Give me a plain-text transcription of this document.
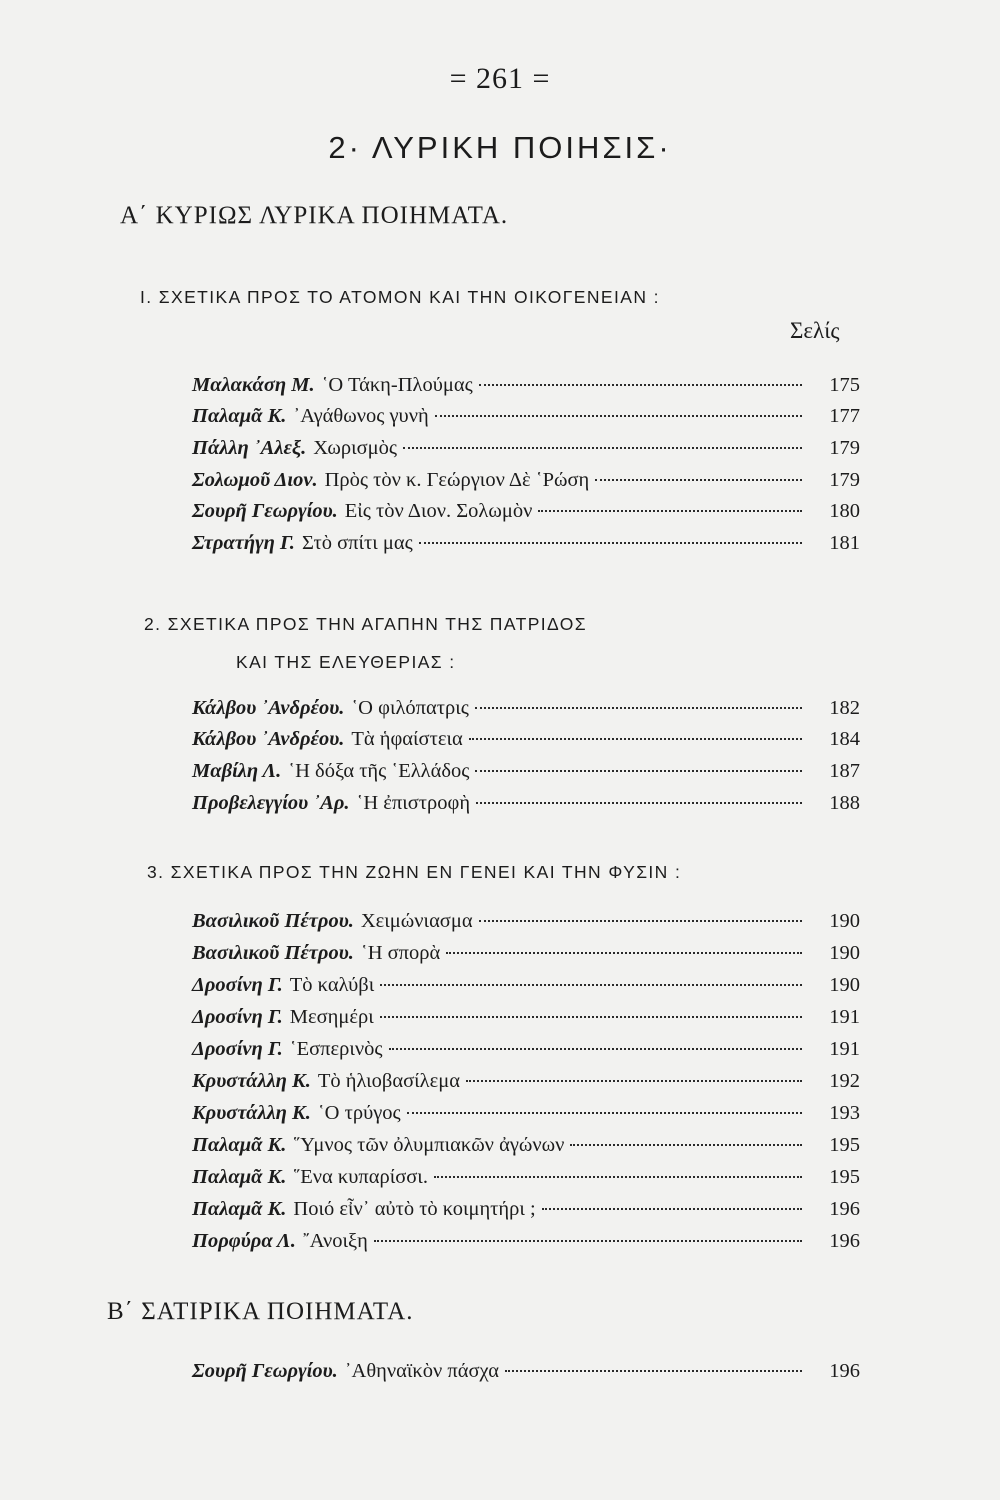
= 261 =
2· ΛΥΡΙΚΗ ΠΟΙΗΣΙΣ·
Α΄ ΚΥΡΙΩΣ ΛΥΡΙΚΑ ΠΟΙΗΜΑΤΑ.
Ι. ΣΧΕΤΙΚΑ ΠΡΟΣ ΤΟ ΑΤΟΜΟΝ ΚΑΙ ΤΗΝ ΟΙΚΟΓΕΝΕΙΑΝ :
Σελίς
Μαλακάση Μ. ῾Ο Τάκη-Πλούμας	175
Παλαμᾶ Κ. ᾿Αγάθωνος γυνὴ	177
Πάλλη ᾿Αλεξ. Χωρισμὸς	179
Σολωμοῦ Διον. Πρὸς τὸν κ. Γεώργιον Δὲ ῾Ρώση	179
Σουρῆ Γεωργίου. Εἰς τὸν Διον. Σολωμὸν	180
Στρατήγη Γ. Στὸ σπίτι μας	181
2. ΣΧΕΤΙΚΑ ΠΡΟΣ ΤΗΝ ΑΓΑΠΗΝ ΤΗΣ ΠΑΤΡΙΔΟΣ
ΚΑΙ ΤΗΣ ΕΛΕΥΘΕΡΙΑΣ :
Κάλβου ᾿Ανδρέου. ῾Ο φιλόπατρις	182
Κάλβου ᾿Ανδρέου. Τὰ ἡφαίστεια	184
Μαβίλη Λ. ῾Η δόξα τῆς ῾Ελλάδος	187
Προβελεγγίου ᾿Αρ. ῾Η ἐπιστροφὴ	188
3. ΣΧΕΤΙΚΑ ΠΡΟΣ ΤΗΝ ΖΩΗΝ ΕΝ ΓΕΝΕΙ ΚΑΙ ΤΗΝ ΦΥΣΙΝ :
Βασιλικοῦ Πέτρου. Χειμώνιασμα	190
Βασιλικοῦ Πέτρου. ῾Η σπορὰ	190
Δροσίνη Γ. Τὸ καλύβι	190
Δροσίνη Γ. Μεσημέρι	191
Δροσίνη Γ. ῾Εσπερινὸς	191
Κρυστάλλη Κ. Τὸ ἡλιοβασίλεμα	192
Κρυστάλλη Κ. ῾Ο τρύγος	193
Παλαμᾶ Κ. ῞Υμνος τῶν ὀλυμπιακῶν ἀγώνων	195
Παλαμᾶ Κ. ῞Ενα κυπαρίσσι.	195
Παλαμᾶ Κ. Ποιό εἶν᾿ αὐτὸ τὸ κοιμητήρι ;	196
Πορφύρα Λ. ῎Ανοιξη	196
Β΄ ΣΑΤΙΡΙΚΑ ΠΟΙΗΜΑΤΑ.
Σουρῆ Γεωργίου. ᾿Αθηναϊκὸν πάσχα	196
